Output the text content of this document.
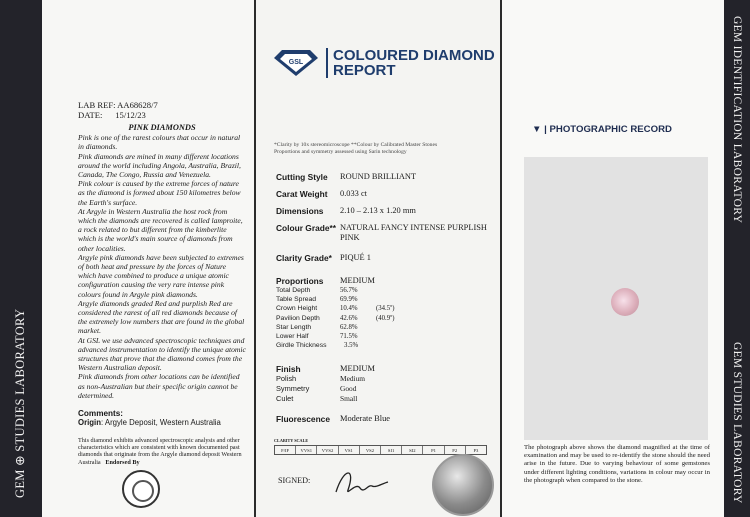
GEM ⊕ STUDIES LABORATORY
LAB REF: AA68628/7
DATE: 15/12/23
PINK DIAMONDS
Pink is one of the rarest colours that occur in natural in diamonds.
Pink diamonds are mined in many different locations around the world including Angola, Australia, Brazil, Canada, The Congo, Russia and Venezuela.
Pink colour is caused by the extreme forces of nature as the diamond is formed about 150 kilometres below the Earth's surface.
At Argyle in Western Australia the host rock from which the diamonds are recovered is called lamproite, a rock related to but different from the kimberlite which is the world's main source of diamonds from other localities.
Argyle pink diamonds have been subjected to extremes of both heat and pressure by the forces of Nature which have combined to produce a unique atomic configuration causing the very rare intense pink colours found in Argyle pink diamonds.
Argyle diamonds graded Red and purplish Red are considered the rarest of all red diamonds because of the extremely low numbers that are found in the global market.
At GSL we use advanced spectroscopic techniques and advanced instrumentation to identify the unique atomic structures that prove that the diamond comes from the Western Australian deposit.
Pink diamonds from other locations can be identified as non-Australian but their specific origin cannot be determined.
Comments:
Origin: Argyle Deposit, Western Australia
This diamond exhibits advanced spectroscopic analysis and other characteristics which are consistent with known documented past diamonds that originate from the Argyle diamond deposit Western Australia Endorsed By
GSL COLOURED DIAMOND
REPORT
*Clarity by 10x stereomicroscope **Colour by Calibrated Master Stones
Proportions and symmetry assessed using Sarin technology
Cutting Style	ROUND BRILLIANT
Carat Weight	0.033 ct
Dimensions	2.10 – 2.13 x 1.20 mm
Colour Grade** NATURAL FANCY INTENSE PURPLISH PINK
Clarity Grade* PIQUÉ 1
Proportions	MEDIUM
Total Depth	56.7%
Table Spread	69.9%
Crown Height	10.4%	(34.5º)
Pavilion Depth	42.6%	(40.9º)
Star Length	62.8%
Lower Half	71.5%
Girdle Thickness	3.5%
Finish	MEDIUM
Polish	Medium
Symmetry	Good
Culet	Small
Fluorescence	Moderate Blue
CLARITY SCALE
F/IF	VVS1	VVS2	VS1	VS2	SI1	SI2	P1	P2	P3
SIGNED:
▼ | PHOTOGRAPHIC RECORD
The photograph above shows the diamond magnified at the time of examination and may be used to re-identify the stone should the need arise in the future. Due to varying behaviour of some gemstones under different lighting conditions, variations in colour may occur in the photograph when compared to the stone.
GEM IDENTIFICATION LABORATORY
GEM STUDIES LABORATORY
